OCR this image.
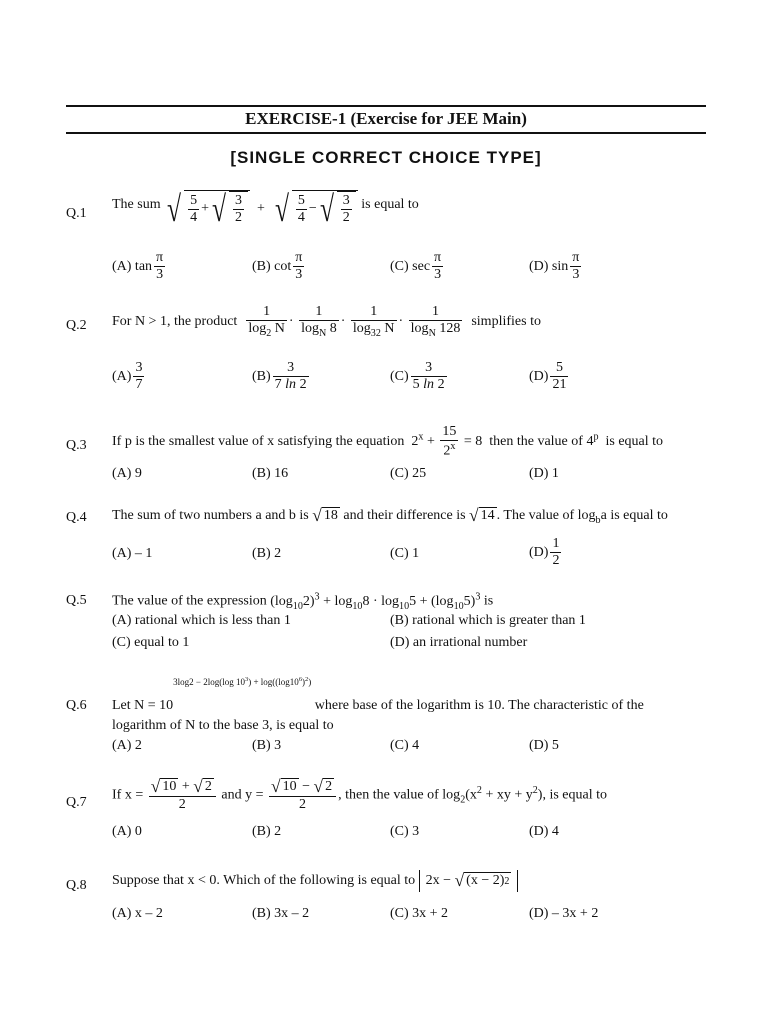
EXERCISE-1 (Exercise for JEE Main)
[SINGLE CORRECT CHOICE TYPE]
Q.1
The sum √ $\frac{5}{4}$ + √ $\frac{3}{2}$ + √ $\frac{5}{4}$ − √ $\frac{3}{2}$ is equal to
(A) $\tan \frac{\pi}{3}$	(B) $\cot \frac{\pi}{3}$	(C) $\sec \frac{\pi}{3}$	(D) $\sin \frac{\pi}{3}$
Q.2 For N > 1, the product $\frac{1}{\log_2 N} \cdot \frac{1}{\log_N 8} \cdot \frac{1}{\log_{32} N} \cdot \frac{1}{\log_N 128}$ simplifies to
$(A) \frac{3}{7}$	$(B) \frac{3}{7 \ln 2}$	$(C) \frac{3}{5 \ln 2}$	$(D) \frac{5}{21}$
Q.3 If p is the smallest value of x satisfying the equation $2^x + \frac{15}{2^x} = 8$ then the value of 4$^p$ is equal to
(A) 9	(B) 16	(C) 25	(D) 1
Q.4 The sum of two numbers a and b is √ 18 and their difference is √ 14 . The value of $\log_ba$ is equal to
(A) – 1	(B) 2	(C) 1	$(D) \frac{1}{2}$
Q.5 The value of the expression $(\log_{10}2)^3 + \log_{10}8 \cdot \log_{10}5 + (\log_{10}5)^3$ is
(A) rational which is less than 1	(B) rational which is greater than 1
(C) equal to 1	(D) an irrational number
Q.6 Let $N = 10^{3log2 - 2log(log 10^3) + log((log10^6)^2)}$ where base of the logarithm is 10. The characteristic of the
logarithm of N to the base 3, is equal to
(A) 2	(B) 3	(C) 4	(D) 5
Q.7 If $x = \frac{√ 10 + √ 2}{2}$ and $y = \frac{√ 10 - √ 2}{2}$ , then the value of $\log_2(x^2$ + xy + $y^2$), is equal to
(A) 0	(B) 2	(C) 3	(D) 4
Q.8 Suppose that x < 0. Which of the following is equal to 2x − √ (x − 2) 2
(A) x – 2	(B) 3x – 2	(C) 3x + 2	(D) – 3x + 2
